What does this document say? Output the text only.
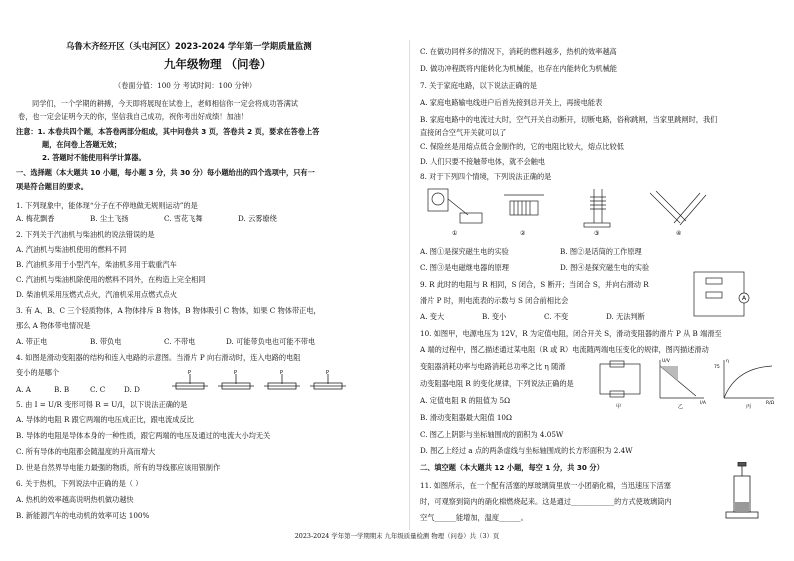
乌鲁木齐经开区（头屯河区）2023-2024 学年第一学期质量监测
九年级物理 （问卷）
（卷面分值：100 分 考试时间：100 分钟）
同学们，一个学期的耕搏，今天即将展现在试卷上，老师相信你一定会将成功答满试
卷，也一定会证明今天的你，坚信我自己成功，祝你考出好成绩！加油！
注意：1. 本卷共四个题，本答卷两部分组成，其中问卷共 3 页，答卷共 2 页，要求在答卷上答
题，在问卷上答题无效；
2. 答题时不能使用科学计算器。
一、选择题（本大题共 10 小题，每小题 3 分，共 30 分）每小题给出的四个选项中，只有一
项是符合题目的要求。
1. 下列现象中，能体现“分子在不停地做无规则运动”的是
A. 梅花飘香	B. 尘土飞扬	C. 雪花飞舞	D. 云雾缭绕
2. 下列关于汽油机与柴油机的说法错误的是
A. 汽油机与柴油机使用的燃料不同
B. 汽油机多用于小型汽车，柴油机多用于载重汽车
C. 汽油机与柴油机除使用的燃料不同外，在构造上完全相同
D. 柴油机采用压燃式点火，汽油机采用点燃式点火
3. 有 A、B、C 三个轻质物体，A 物体排斥 B 物体，B 物体吸引 C 物体，如果 C 物体带正电，
那么 A 物体带电情况是
A. 带正电	B. 带负电	C. 不带电	D. 可能带负电也可能不带电
4. 如图是滑动变阻器的结构和连入电路的示意图。当滑片 P 向右滑动时，连入电路的电阻
变小的是哪个
A. A	B. B	C. C	D. D
P	P	P	P
5. 由 I = U/R 变形可得 R = U/I，以下说法正确的是
A. 导体的电阻 R 跟它两端的电压成正比，跟电流成反比
B. 导体的电阻是导体本身的一种性质，跟它两端的电压及通过的电流大小均无关
C. 所有导体的电阻都会随温度的升高而增大
D. 世是自然界导电能力最强的物质，所有的导线都应该用银制作
6. 关于热机，下列说法中正确的是（ ）
A. 热机的效率越高说明热机做功越快
B. 新能源汽车的电动机的效率可达 100%
C. 在做功同样多的情况下，消耗的燃料越多，热机的效率越高
D. 做功冲程既将内能转化为机械能，也存在内能转化为机械能
7. 关于家庭电路，以下说法正确的是
A. 家庭电路输电线进户后首先接到总开关上，再接电能表
B. 家庭电路中的电流过大时，空气开关自动断开，切断电路，俗称跳闸，当家里跳闸时，我们
直接闭合空气开关就可以了
C. 保险丝是用熔点低合金制作的，它的电阻比较大，熔点比较低
D. 人们只要不接触带电体，就不会触电
8. 对于下列四个情境，下列说法正确的是
①	②	③	④
A. 图①是探究磁生电的实验	B. 图②是话筒的工作原理
C. 图③是电磁继电器的原理	D. 图④是探究磁生电的实验
9. R 此时的电阻与 R 相同，S 闭合，S 断开；当闭合 S，并向右滑动 R
滑片 P 时，则电流表的示数与 S 闭合前相比会	A
A. 变大	B. 变小	C. 不变	D. 无法判断
10. 如图甲，电源电压为 12V，R 为定值电阻，闭合开关 S，滑动变阻器的滑片 P 从 B 端滑至
A 端的过程中，图乙描述通过某电阻（R 或 R）电流随两端电压变化的规律，图丙描述滑动
变阻器消耗功率与电路消耗总功率之比 η 随滑
动变阻器电阻 R 的变化规律，下列说法正确的是
甲	乙	丙
U/V
I/A
η
R/Ω
75
A. 定值电阻 R 的阻值为 5Ω
B. 滑动变阻器最大阻值 10Ω
C. 图乙上阴影与坐标轴围成的面积为 4.05W
D. 图乙上经过 a 点的两条虚线与坐标轴围成的长方形面积为 2.4W
二、填空题（本大题共 12 小题，每空 1 分，共 30 分）
11. 如图所示，在一个配有活塞的厚玻璃筒里放一小团硝化棉，当迅速压下活塞
时，可观察到筒内的硝化棉燃烧起来。这是通过____________的方式使玻璃筒内
空气______能增加，温度______。
2023-2024 学年第一学期期末 九年级质量检测 物理（问卷）共（3）页
